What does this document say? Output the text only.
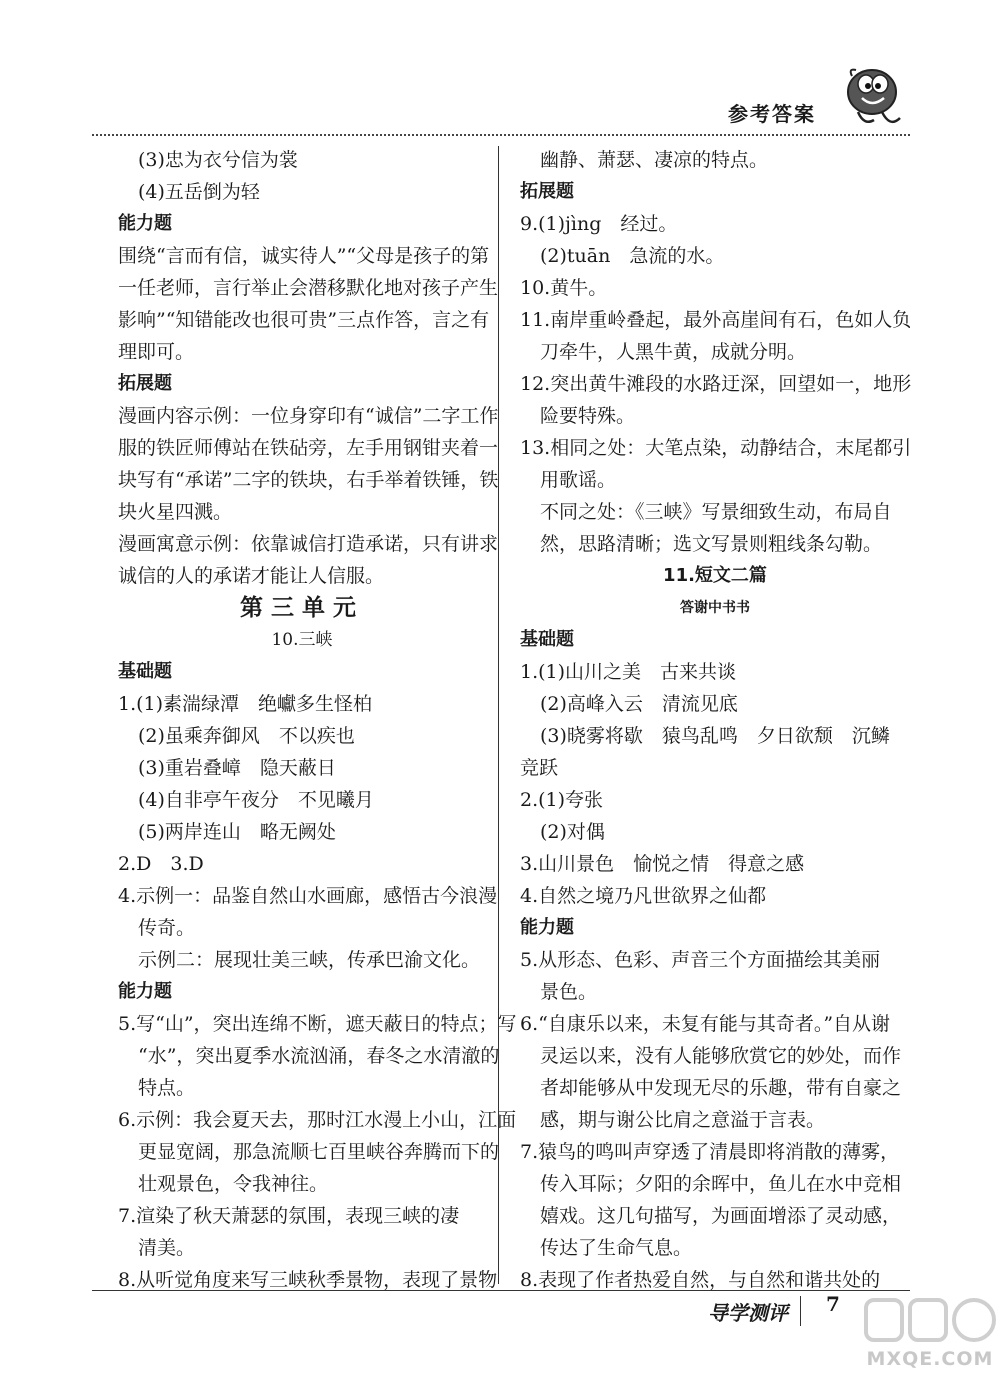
参考答案
(3)忠为衣兮信为裳
(4)五岳倒为轻
能力题
围绕“言而有信，诚实待人”“父母是孩子的第
一任老师，言行举止会潜移默化地对孩子产生
影响”“知错能改也很可贵”三点作答，言之有
理即可。
拓展题
漫画内容示例：一位身穿印有“诚信”二字工作
服的铁匠师傅站在铁砧旁，左手用钢钳夹着一
块写有“承诺”二字的铁块，右手举着铁锤，铁
块火星四溅。
漫画寓意示例：依靠诚信打造承诺，只有讲求
诚信的人的承诺才能让人信服。
第三单元
10.三峡
基础题
1.(1)素湍绿潭　绝巘多生怪柏
(2)虽乘奔御风　不以疾也
(3)重岩叠嶂　隐天蔽日
(4)自非亭午夜分　不见曦月
(5)两岸连山　略无阙处
2.D　3.D
4.示例一：品鉴自然山水画廊，感悟古今浪漫
传奇。
示例二：展现壮美三峡，传承巴渝文化。
能力题
5.写“山”，突出连绵不断，遮天蔽日的特点；写
“水”，突出夏季水流汹涌，春冬之水清澈的
特点。
6.示例：我会夏天去，那时江水漫上小山，江面
更显宽阔，那急流顺七百里峡谷奔腾而下的
壮观景色，令我神往。
7.渲染了秋天萧瑟的氛围，表现三峡的凄
清美。
8.从听觉角度来写三峡秋季景物，表现了景物
幽静、萧瑟、凄凉的特点。
拓展题
9.(1)jìng　经过。
(2)tuān　急流的水。
10.黄牛。
11.南岸重岭叠起，最外高崖间有石，色如人负
刀牵牛，人黑牛黄，成就分明。
12.突出黄牛滩段的水路迂深，回望如一，地形
险要特殊。
13.相同之处：大笔点染，动静结合，末尾都引
用歌谣。
不同之处：《三峡》写景细致生动，布局自
然，思路清晰；选文写景则粗线条勾勒。
11.短文二篇
答谢中书书
基础题
1.(1)山川之美　古来共谈
(2)高峰入云　清流见底
(3)晓雾将歇　猿鸟乱鸣　夕日欲颓　沉鳞
竞跃
2.(1)夸张
(2)对偶
3.山川景色　愉悦之情　得意之感
4.自然之境乃凡世欲界之仙都
能力题
5.从形态、色彩、声音三个方面描绘其美丽
景色。
6.“自康乐以来，未复有能与其奇者。”自从谢
灵运以来，没有人能够欣赏它的妙处，而作
者却能够从中发现无尽的乐趣，带有自豪之
感，期与谢公比肩之意溢于言表。
7.猿鸟的鸣叫声穿透了清晨即将消散的薄雾，
传入耳际；夕阳的余晖中，鱼儿在水中竞相
嬉戏。这几句描写，为画面增添了灵动感，
传达了生命气息。
8.表现了作者热爱自然，与自然和谐共处的
导学测评 7
MXQE.COM
